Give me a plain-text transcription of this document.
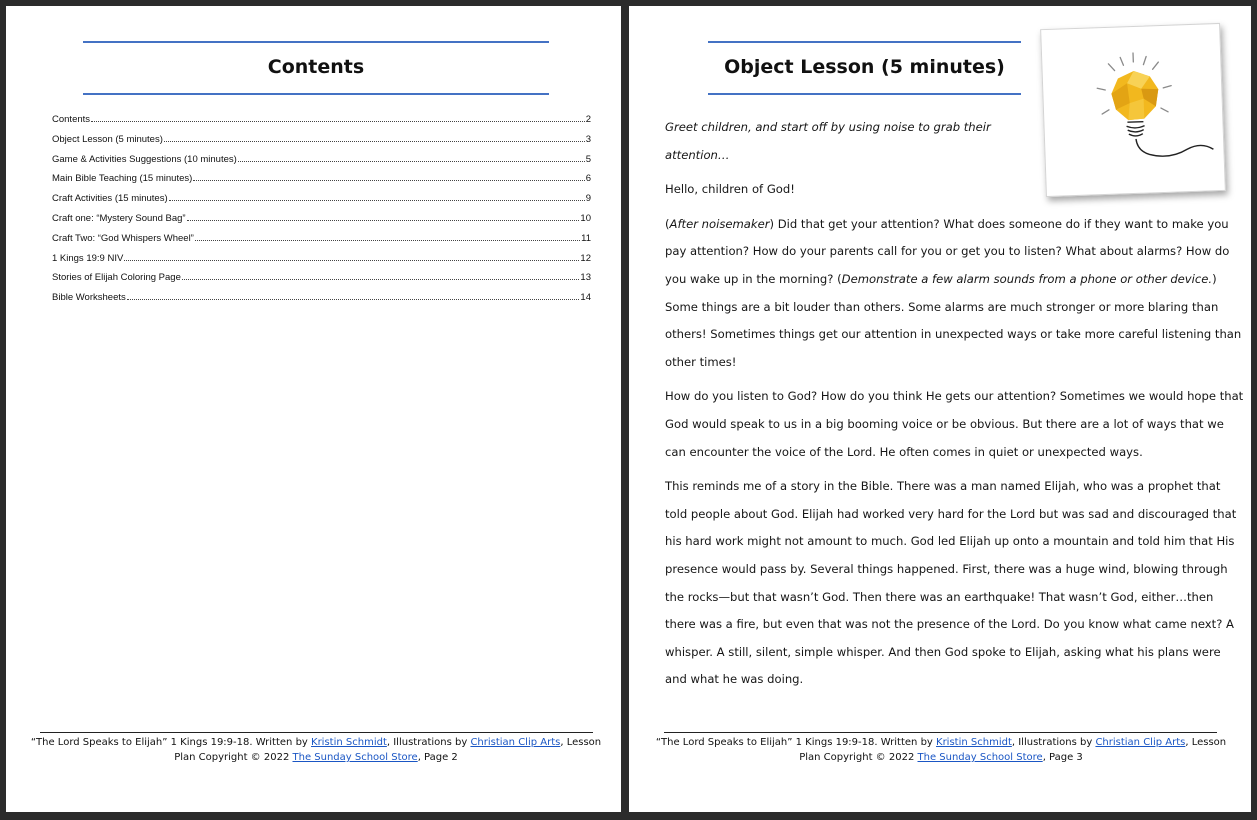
Contents
Contents	2
Object Lesson (5 minutes)	3
Game & Activities Suggestions (10 minutes)	5
Main Bible Teaching (15 minutes)	6
Craft Activities (15 minutes)	9
Craft one: “Mystery Sound Bag”	10
Craft Two: “God Whispers Wheel”	11
1 Kings 19:9 NIV	12
Stories of Elijah Coloring Page	13
Bible Worksheets	14
“The Lord Speaks to Elijah” 1 Kings 19:9-18. Written by Kristin Schmidt, Illustrations by Christian Clip Arts, Lesson
Plan Copyright © 2022 The Sunday School Store, Page 2
Object Lesson (5 minutes)

Greet children, and start off by using noise to grab their attention…

Hello, children of God!

(After noisemaker) Did that get your attention? What does someone do if they want to make you pay attention? How do your parents call for you or get you to listen? What about alarms? How do you wake up in the morning? (Demonstrate a few alarm sounds from a phone or other device.) Some things are a bit louder than others. Some alarms are much stronger or more blaring than others! Sometimes things get our attention in unexpected ways or take more careful listening than other times!

How do you listen to God? How do you think He gets our attention? Sometimes we would hope that God would speak to us in a big booming voice or be obvious. But there are a lot of ways that we can encounter the voice of the Lord. He often comes in quiet or unexpected ways.

This reminds me of a story in the Bible. There was a man named Elijah, who was a prophet that told people about God. Elijah had worked very hard for the Lord but was sad and discouraged that his hard work might not amount to much. God led Elijah up onto a mountain and told him that His presence would pass by. Several things happened. First, there was a huge wind, blowing through the rocks—but that wasn’t God. Then there was an earthquake! That wasn’t God, either…then there was a fire, but even that was not the presence of the Lord. Do you know what came next? A whisper. A still, silent, simple whisper. And then God spoke to Elijah, asking what his plans were and what he was doing.

“The Lord Speaks to Elijah” 1 Kings 19:9-18. Written by Kristin Schmidt, Illustrations by Christian Clip Arts, Lesson
Plan Copyright © 2022 The Sunday School Store, Page 3
